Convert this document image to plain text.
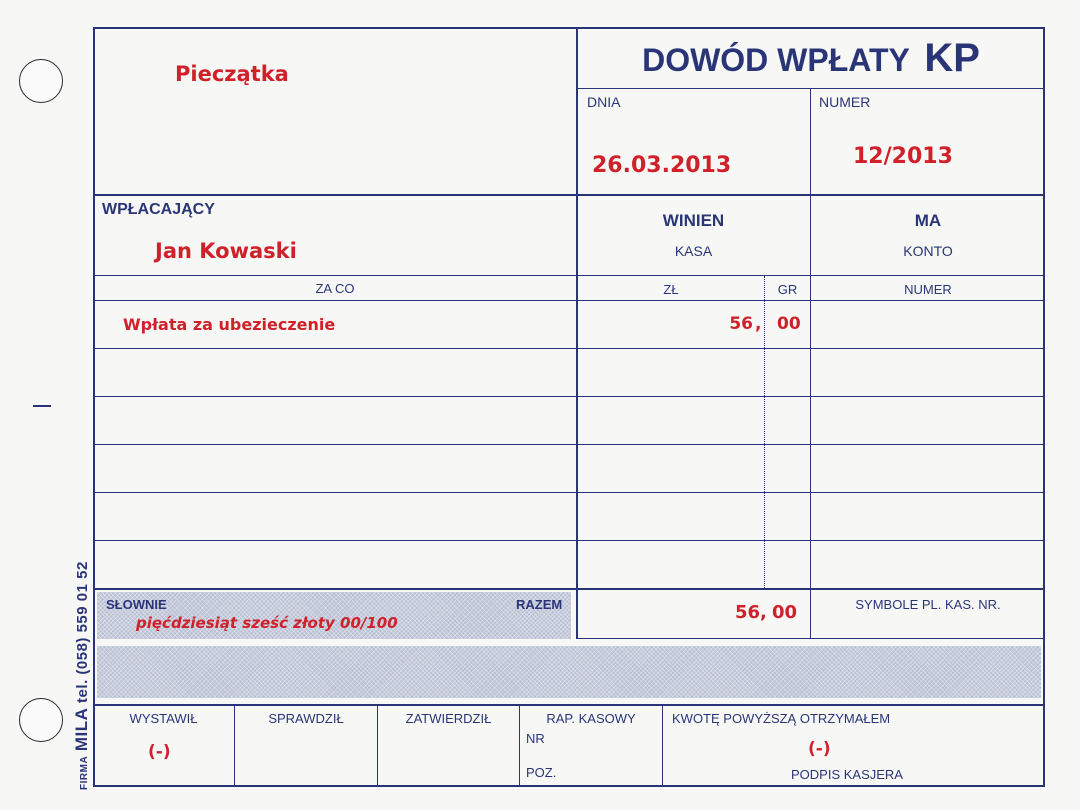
FIRMA MILA tel. (058) 559 01 52
Pieczątka	DOWÓD WPŁATY KP
DNIA
26.03.2013
NUMER
12/2013
WPŁACAJĄCY
Jan Kowaski
WINIEN
KASA
MA
KONTO
ZA CO	ZŁ	GR	NUMER
Wpłata za ubezieczenie	56 , 00
SŁOWNIE
pięćdziesiąt sześć złoty 00/100
RAZEM	56, 00	SYMBOLE PL. KAS. NR.
WYSTAWIŁ
(-)
SPRAWDZIŁ	ZATWIERDZIŁ	RAP. KASOWY
NR
POZ.
KWOTĘ POWYŻSZĄ OTRZYMAŁEM
(-)
PODPIS KASJERA
